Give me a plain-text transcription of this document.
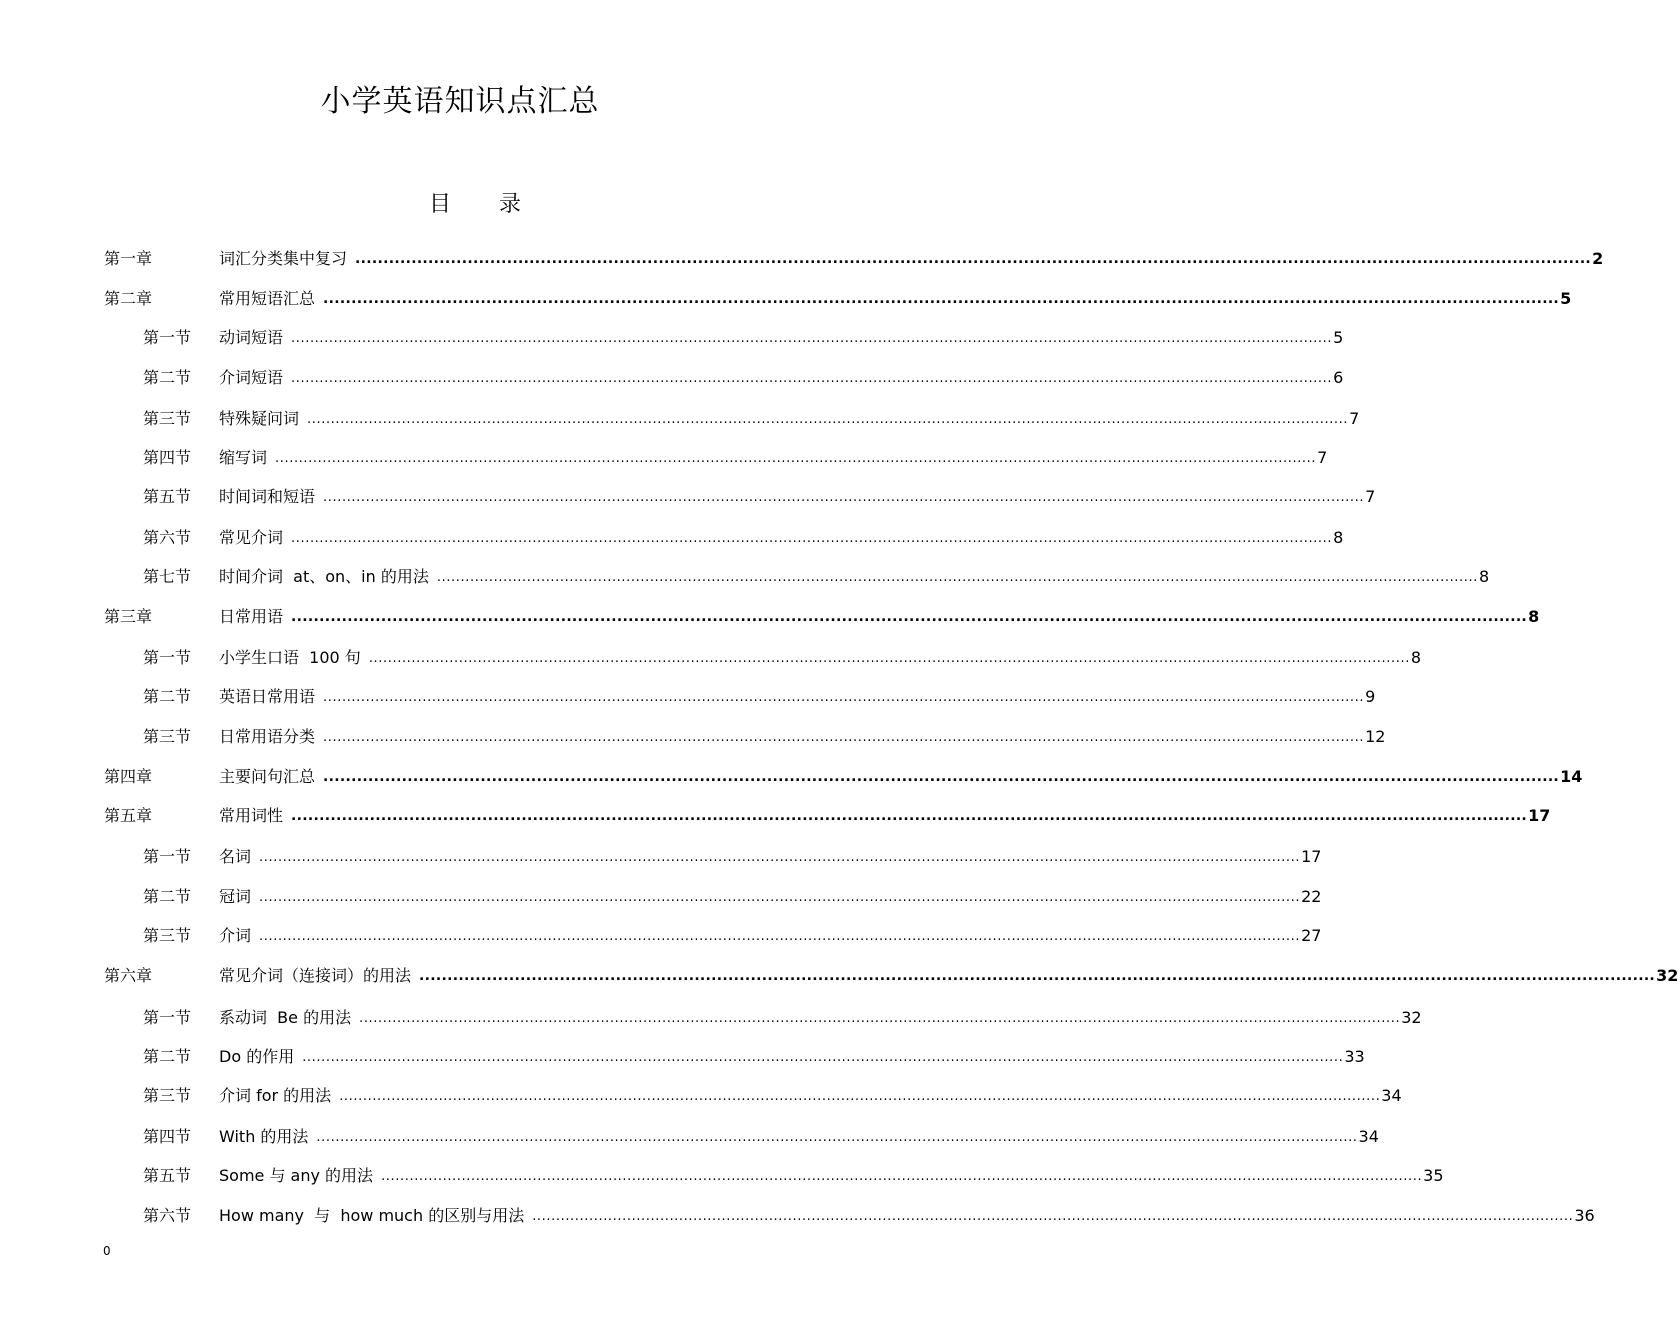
小学英语知识点汇总
目 录
第一章	词汇分类集中复习 ............................................................................................................................................................................................................................ 2
第二章	常用短语汇总 ............................................................................................................................................................................................................................ 5
第一节 动词短语 ............................................................................................................................................................................................................................ 5
第二节 介词短语 ............................................................................................................................................................................................................................ 6
第三节 特殊疑问词 ............................................................................................................................................................................................................................ 7
第四节 缩写词 ............................................................................................................................................................................................................................ 7
第五节 时间词和短语 ............................................................................................................................................................................................................................ 7
第六节 常见介词 ............................................................................................................................................................................................................................ 8
第七节 时间介词  at、on、in 的用法 ............................................................................................................................................................................................................................ 8
第三章	日常用语 ............................................................................................................................................................................................................................ 8
第一节 小学生口语  100 句 ............................................................................................................................................................................................................................ 8
第二节 英语日常用语 ............................................................................................................................................................................................................................ 9
第三节 日常用语分类 ............................................................................................................................................................................................................................ 12
第四章	主要问句汇总 ............................................................................................................................................................................................................................ 14
第五章	常用词性 ............................................................................................................................................................................................................................ 17
第一节 名词 ............................................................................................................................................................................................................................ 17
第二节 冠词 ............................................................................................................................................................................................................................ 22
第三节 介词 ............................................................................................................................................................................................................................ 27
第六章	常见介词（连接词）的用法 ............................................................................................................................................................................................................................ 32
第一节 系动词  Be 的用法 ............................................................................................................................................................................................................................ 32
第二节 Do 的作用 ............................................................................................................................................................................................................................ 33
第三节 介词 for 的用法 ............................................................................................................................................................................................................................ 34
第四节 With 的用法 ............................................................................................................................................................................................................................ 34
第五节 Some 与 any 的用法 ............................................................................................................................................................................................................................ 35
第六节 How many  与  how much 的区别与用法 ............................................................................................................................................................................................................................ 36
0
